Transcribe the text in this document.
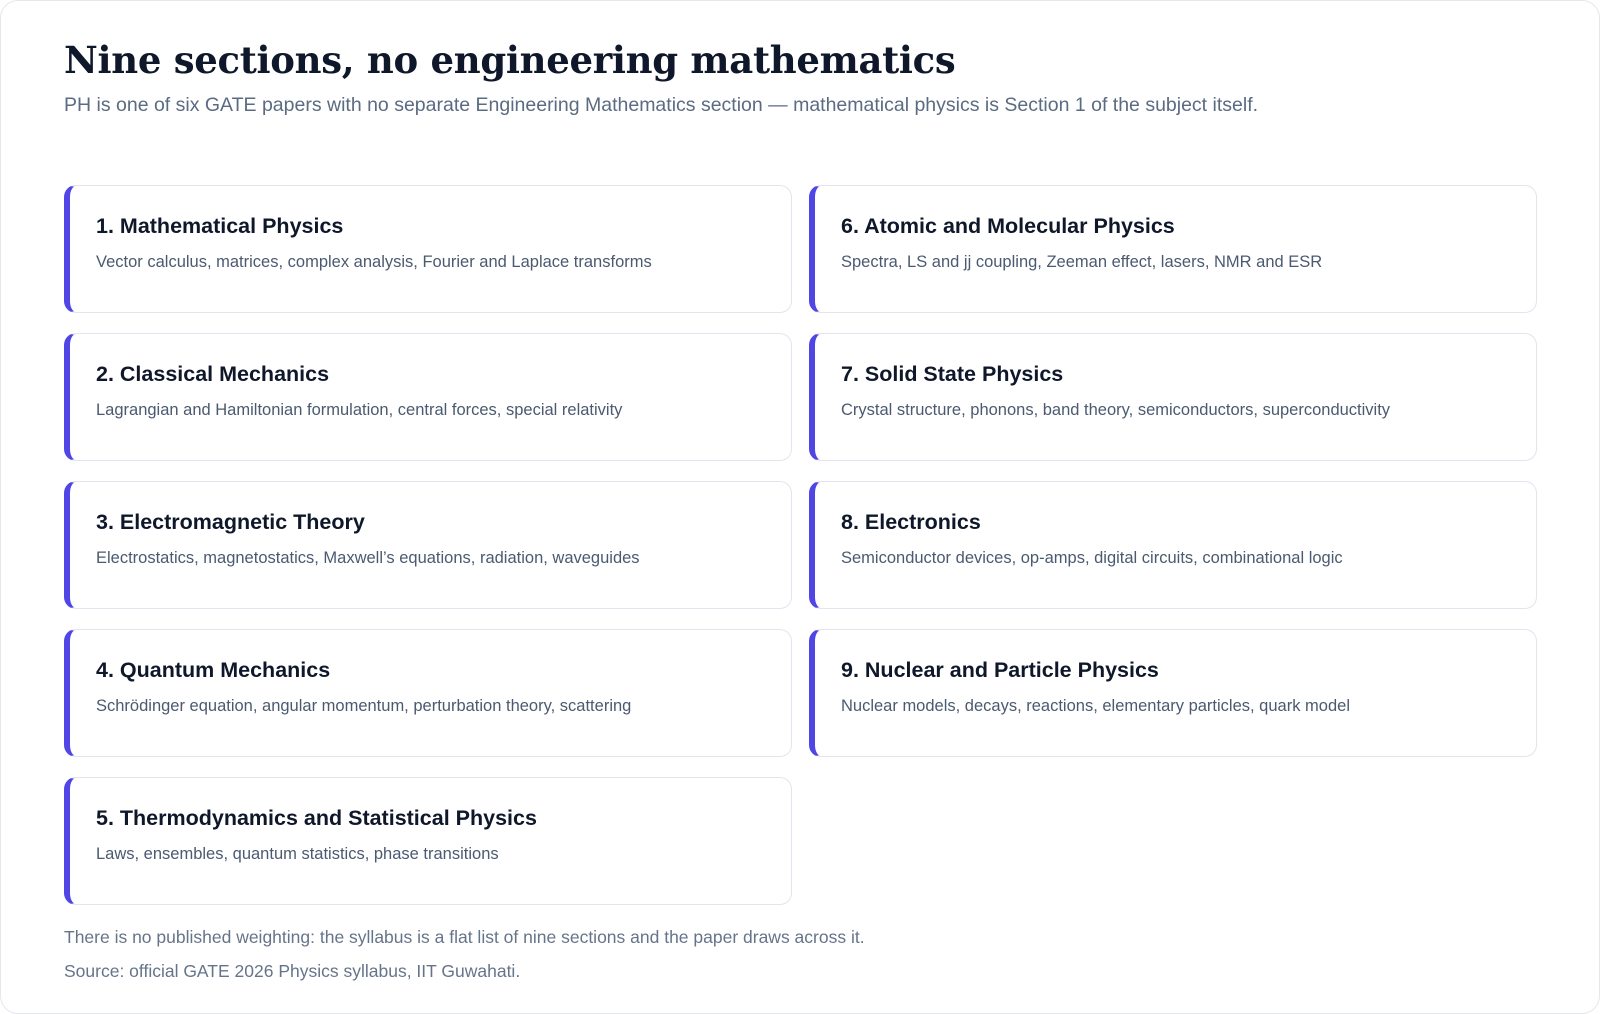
Nine sections, no engineering mathematics

PH is one of six GATE papers with no separate Engineering Mathematics section — mathematical physics is Section 1 of the subject itself.

1. Mathematical Physics
Vector calculus, matrices, complex analysis, Fourier and Laplace transforms
2. Classical Mechanics
Lagrangian and Hamiltonian formulation, central forces, special relativity
3. Electromagnetic Theory
Electrostatics, magnetostatics, Maxwell’s equations, radiation, waveguides
4. Quantum Mechanics
Schrödinger equation, angular momentum, perturbation theory, scattering
5. Thermodynamics and Statistical Physics
Laws, ensembles, quantum statistics, phase transitions
6. Atomic and Molecular Physics
Spectra, LS and jj coupling, Zeeman effect, lasers, NMR and ESR
7. Solid State Physics
Crystal structure, phonons, band theory, semiconductors, superconductivity
8. Electronics
Semiconductor devices, op-amps, digital circuits, combinational logic
9. Nuclear and Particle Physics
Nuclear models, decays, reactions, elementary particles, quark model

There is no published weighting: the syllabus is a flat list of nine sections and the paper draws across it.

Source: official GATE 2026 Physics syllabus, IIT Guwahati.
